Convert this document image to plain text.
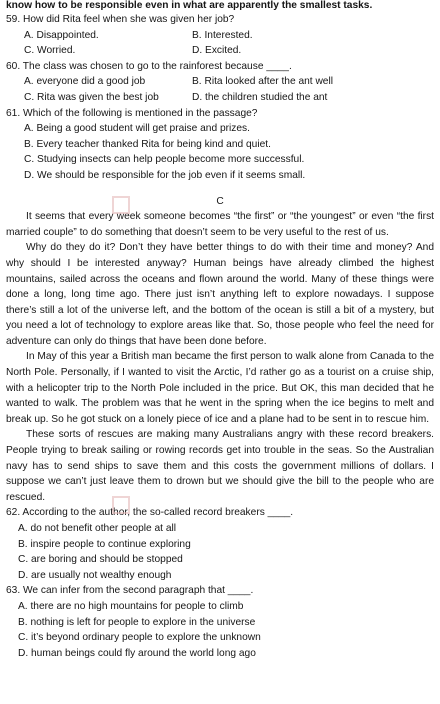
know how to be responsible even in what are apparently the smallest tasks.
59. How did Rita feel when she was given her job?
A. Disappointed.	B. Interested.
C. Worried.	D. Excited.
60. The class was chosen to go to the rainforest because ____.
A. everyone did a good job	B. Rita looked after the ant well
C. Rita was given the best job	D. the children studied the ant
61. Which of the following is mentioned in the passage?
A. Being a good student will get praise and prizes.
B. Every teacher thanked Rita for being kind and quiet.
C. Studying insects can help people become more successful.
D. We should be responsible for the job even if it seems small.
C

It seems that every week someone becomes “the first” or “the youngest” or even “the first married couple” to do something that doesn’t seem to be very useful to the rest of us.

Why do they do it? Don’t they have better things to do with their time and money? And why should I be interested anyway? Human beings have already climbed the highest mountains, sailed across the oceans and flown around the world. Many of these things were done a long, long time ago. There just isn’t anything left to explore nowadays. I suppose there’s still a lot of the universe left, and the bottom of the ocean is still a bit of a mystery, but you need a lot of technology to explore areas like that. So, those people who feel the need for adventure can only do things that have been done before.

In May of this year a British man became the first person to walk alone from Canada to the North Pole. Personally, if I wanted to visit the Arctic, I’d rather go as a tourist on a cruise ship, with a helicopter trip to the North Pole included in the price. But OK, this man decided that he wanted to walk. The problem was that he went in the spring when the ice begins to melt and break up. So he got stuck on a lonely piece of ice and a plane had to be sent in to rescue him.

These sorts of rescues are making many Australians angry with these record breakers. People trying to break sailing or rowing records get into trouble in the seas. So the Australian navy has to send ships to save them and this costs the government millions of dollars. I suppose we can’t just leave them to drown but we should give the bill to the people who are rescued.

62. According to the author, the so-called record breakers ____.
A. do not benefit other people at all
B. inspire people to continue exploring
C. are boring and should be stopped
D. are usually not wealthy enough
63. We can infer from the second paragraph that ____.
A. there are no high mountains for people to climb
B. nothing is left for people to explore in the universe
C. it’s beyond ordinary people to explore the unknown
D. human beings could fly around the world long ago
